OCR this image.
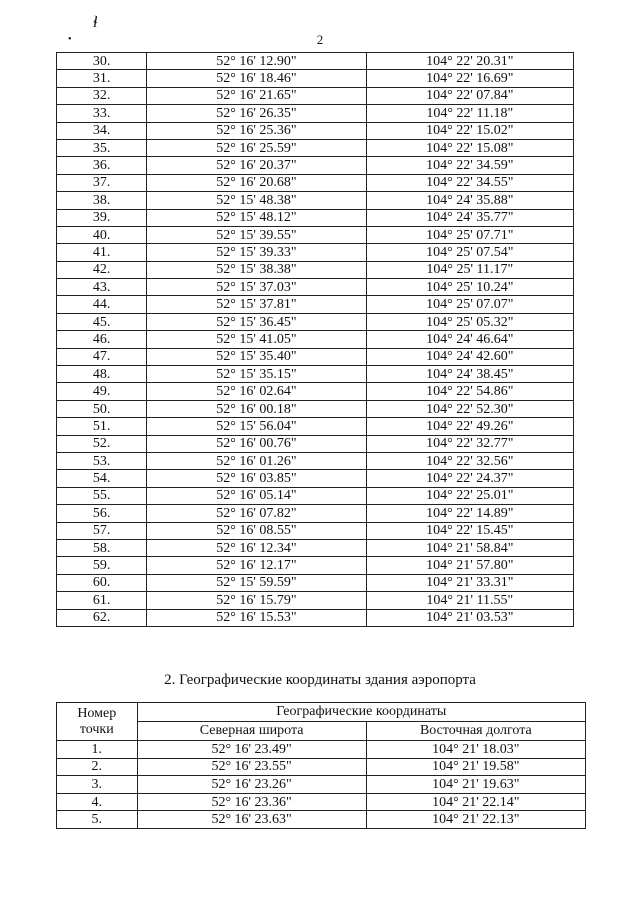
ɬ
•	2
30.	52° 16' 12.90"	104° 22' 20.31"
31.	52° 16' 18.46"	104° 22' 16.69"
32.	52° 16' 21.65"	104° 22' 07.84"
33.	52° 16' 26.35"	104° 22' 11.18"
34.	52° 16' 25.36"	104° 22' 15.02"
35.	52° 16' 25.59"	104° 22' 15.08"
36.	52° 16' 20.37"	104° 22' 34.59"
37.	52° 16' 20.68"	104° 22' 34.55"
38.	52° 15' 48.38"	104° 24' 35.88"
39.	52° 15' 48.12"	104° 24' 35.77"
40.	52° 15' 39.55"	104° 25' 07.71"
41.	52° 15' 39.33"	104° 25' 07.54"
42.	52° 15' 38.38"	104° 25' 11.17"
43.	52° 15' 37.03"	104° 25' 10.24"
44.	52° 15' 37.81"	104° 25' 07.07"
45.	52° 15' 36.45"	104° 25' 05.32"
46.	52° 15' 41.05"	104° 24' 46.64"
47.	52° 15' 35.40"	104° 24' 42.60"
48.	52° 15' 35.15"	104° 24' 38.45"
49.	52° 16' 02.64"	104° 22' 54.86"
50.	52° 16' 00.18"	104° 22' 52.30"
51.	52° 15' 56.04"	104° 22' 49.26"
52.	52° 16' 00.76"	104° 22' 32.77"
53.	52° 16' 01.26"	104° 22' 32.56"
54.	52° 16' 03.85"	104° 22' 24.37"
55.	52° 16' 05.14"	104° 22' 25.01"
56.	52° 16' 07.82"	104° 22' 14.89"
57.	52° 16' 08.55"	104° 22' 15.45"
58.	52° 16' 12.34"	104° 21' 58.84"
59.	52° 16' 12.17"	104° 21' 57.80"
60.	52° 15' 59.59"	104° 21' 33.31"
61.	52° 16' 15.79"	104° 21' 11.55"
62.	52° 16' 15.53"	104° 21' 03.53"
2. Географические координаты здания аэропорта
Номер
точки	Географические координаты	
	Северная широта	Восточная долгота
1.	52° 16' 23.49"	104° 21' 18.03"
2.	52° 16' 23.55"	104° 21' 19.58"
3.	52° 16' 23.26"	104° 21' 19.63"
4.	52° 16' 23.36"	104° 21' 22.14"
5.	52° 16' 23.63"	104° 21' 22.13"
